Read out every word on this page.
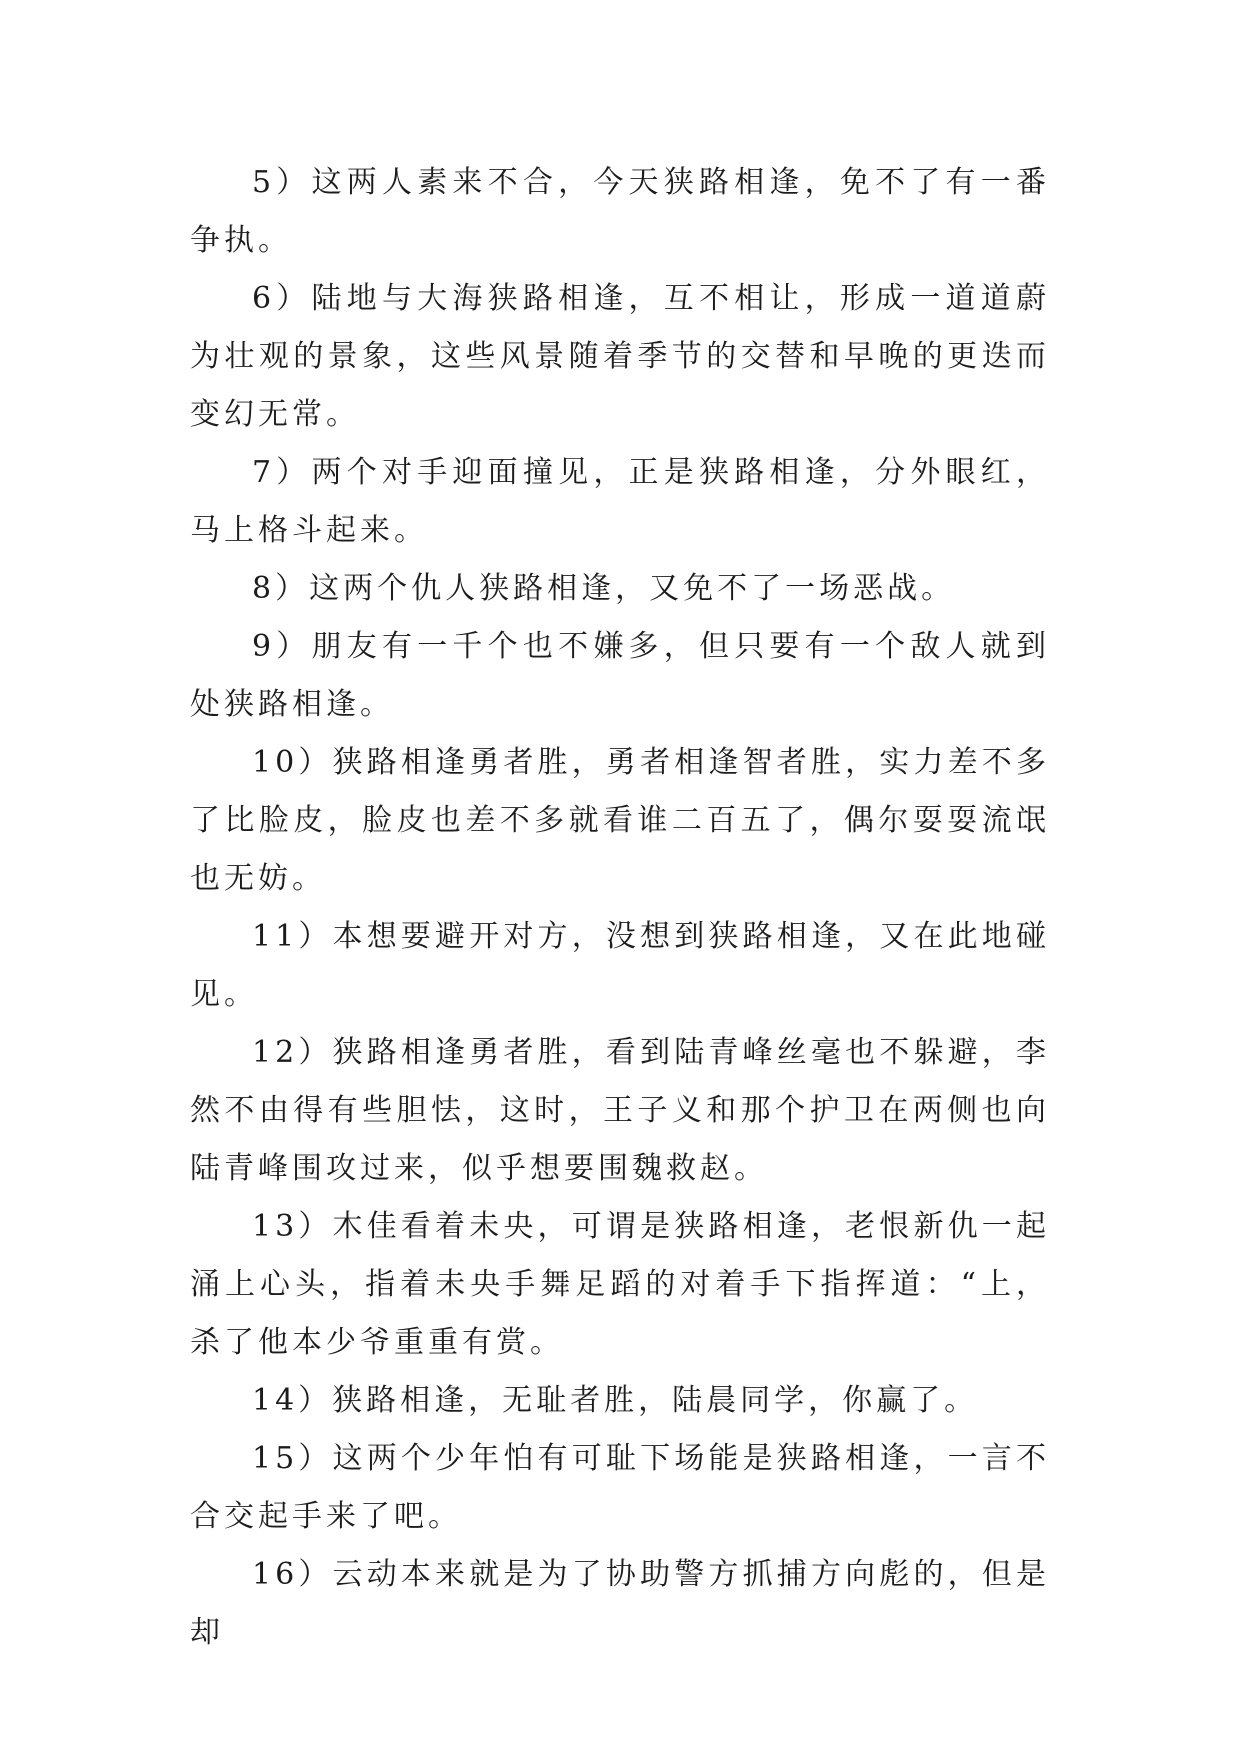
5）这两人素来不合，今天狭路相逢，免不了有一番争执。

6）陆地与大海狭路相逢，互不相让，形成一道道蔚为壮观的景象，这些风景随着季节的交替和早晚的更迭而变幻无常。

7）两个对手迎面撞见，正是狭路相逢，分外眼红，马上格斗起来。

8）这两个仇人狭路相逢，又免不了一场恶战。

9）朋友有一千个也不嫌多，但只要有一个敌人就到处狭路相逢。

10）狭路相逢勇者胜，勇者相逢智者胜，实力差不多了比脸皮，脸皮也差不多就看谁二百五了，偶尔耍耍流氓也无妨。

11）本想要避开对方，没想到狭路相逢，又在此地碰见。

12）狭路相逢勇者胜，看到陆青峰丝毫也不躲避，李然不由得有些胆怯，这时，王子义和那个护卫在两侧也向陆青峰围攻过来，似乎想要围魏救赵。

13）木佳看着未央，可谓是狭路相逢，老恨新仇一起涌上心头，指着未央手舞足蹈的对着手下指挥道：“上，杀了他本少爷重重有赏。

14）狭路相逢，无耻者胜，陆晨同学，你赢了。

15）这两个少年怕有可耻下场能是狭路相逢，一言不合交起手来了吧。

16）云动本来就是为了协助警方抓捕方向彪的，但是却
